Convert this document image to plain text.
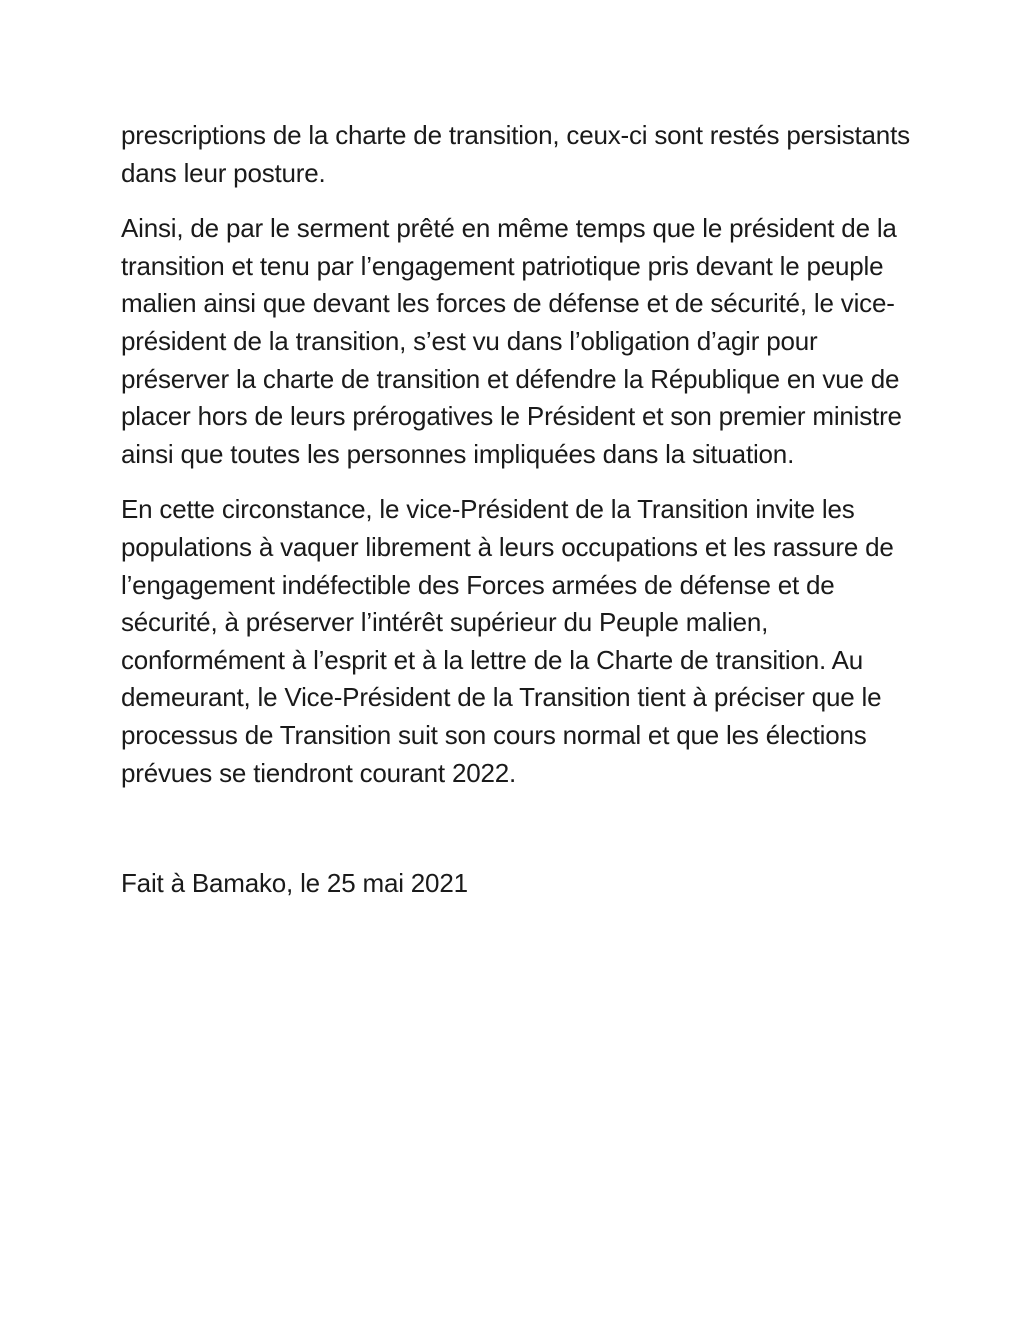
prescriptions de la charte de transition, ceux-ci sont restés persistants dans leur posture.

Ainsi, de par le serment prêté en même temps que le président de la transition et tenu par l’engagement patriotique pris devant le peuple malien ainsi que devant les forces de défense et de sécurité, le vice-président de la transition, s’est vu dans l’obligation d’agir pour préserver la charte de transition et défendre la République en vue de placer hors de leurs prérogatives le Président et son premier ministre ainsi que toutes les personnes impliquées dans la situation.

En cette circonstance, le vice-Président de la Transition invite les populations à vaquer librement à leurs occupations et les rassure de l’engagement indéfectible des Forces armées de défense et de sécurité, à préserver l’intérêt supérieur du Peuple malien, conformément à l’esprit et à la lettre de la Charte de transition. Au demeurant, le Vice-Président de la Transition tient à préciser que le processus de Transition suit son cours normal et que les élections prévues se tiendront courant 2022.

Fait à Bamako, le 25 mai 2021
